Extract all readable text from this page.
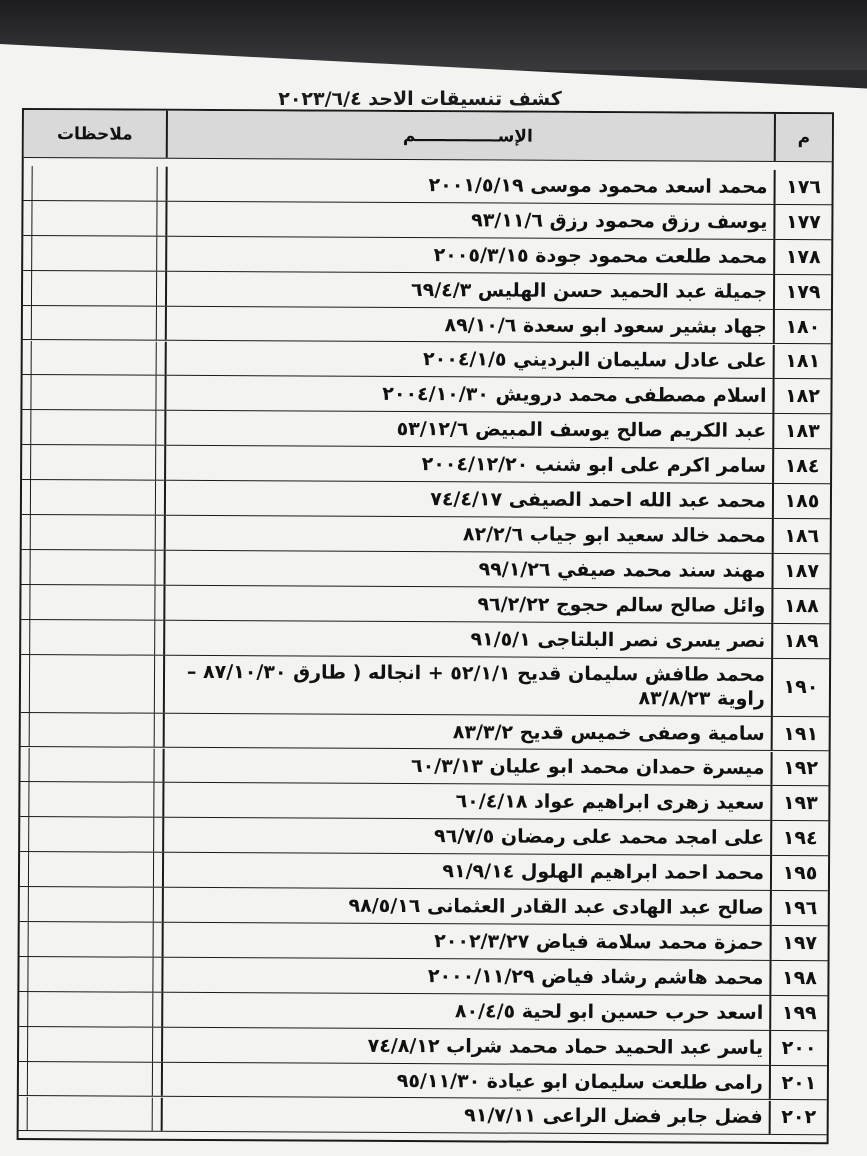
كشف تنسيقات الاحد ٢٠٢٣/٦/٤
م
الإســــــــــــــم
ملاحظات
١٧٦
محمد اسعد محمود موسى ٢٠٠١/٥/١٩
١٧٧
يوسف رزق محمود رزق ٩٣/١١/٦
١٧٨
محمد طلعت محمود جودة ٢٠٠٥/٣/١٥
١٧٩
جميلة عبد الحميد حسن الهليس ٦٩/٤/٣
١٨٠
جهاد بشير سعود ابو سعدة ٨٩/١٠/٦
١٨١
على عادل سليمان البرديني ٢٠٠٤/١/٥
١٨٢
اسلام مصطفى محمد درويش ٢٠٠٤/١٠/٣٠
١٨٣
عبد الكريم صالح يوسف المبيض ٥٣/١٢/٦
١٨٤
سامر اكرم على ابو شنب ٢٠٠٤/١٢/٢٠
١٨٥
محمد عبد الله احمد الصيفى ٧٤/٤/١٧
١٨٦
محمد خالد سعيد ابو جياب ٨٢/٢/٦
١٨٧
مهند سند محمد صيفي ٩٩/١/٢٦
١٨٨
وائل صالح سالم حجوج ٩٦/٢/٢٢
١٨٩
نصر يسرى نصر البلتاجى ٩١/٥/١
١٩٠
محمد طافش سليمان قديح ٥٢/١/١ + انجاله ( طارق ٨٧/١٠/٣٠ – راوية ٨٣/٨/٢٣
١٩١
سامية وصفى خميس قديح ٨٣/٣/٢
١٩٢
ميسرة حمدان محمد ابو عليان ٦٠/٣/١٣
١٩٣
سعيد زهرى ابراهيم عواد ٦٠/٤/١٨
١٩٤
على امجد محمد على رمضان ٩٦/٧/٥
١٩٥
محمد احمد ابراهيم الهلول ٩١/٩/١٤
١٩٦
صالح عبد الهادى عبد القادر العثمانى ٩٨/٥/١٦
١٩٧
حمزة محمد سلامة فياض ٢٠٠٢/٣/٢٧
١٩٨
محمد هاشم رشاد فياض ٢٠٠٠/١١/٢٩
١٩٩
اسعد حرب حسين ابو لحية ٨٠/٤/٥
٢٠٠
ياسر عبد الحميد حماد محمد شراب ٧٤/٨/١٢
٢٠١
رامى طلعت سليمان ابو عيادة ٩٥/١١/٣٠
٢٠٢
فضل جابر فضل الراعى ٩١/٧/١١
